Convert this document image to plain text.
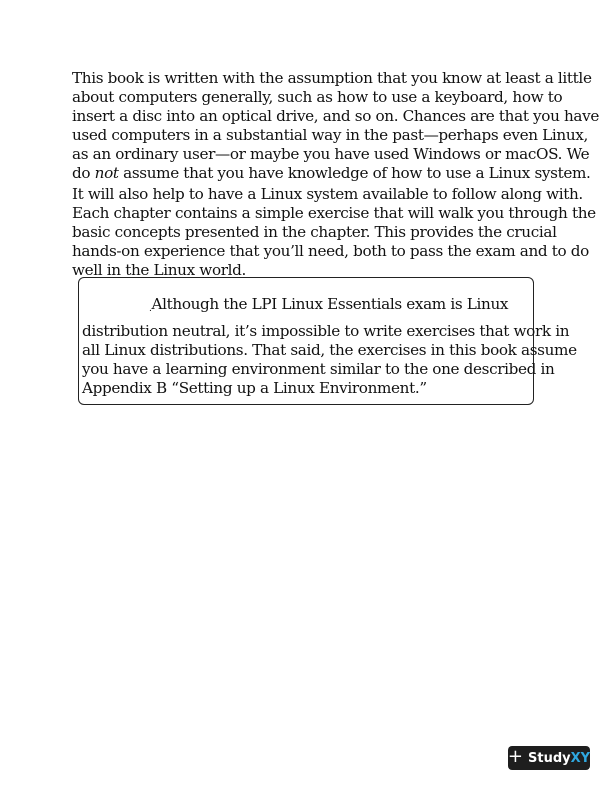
This book is written with the assumption that you know at least a little
about computers generally, such as how to use a keyboard, how to
insert a disc into an optical drive, and so on. Chances are that you have
used computers in a substantial way in the past—perhaps even Linux,
as an ordinary user—or maybe you have used Windows or macOS. We
do not assume that you have knowledge of how to use a Linux system.

It will also help to have a Linux system available to follow along with.
Each chapter contains a simple exercise that will walk you through the
basic concepts presented in the chapter. This provides the crucial
hands-on experience that you’ll need, both to pass the exam and to do
well in the Linux world.

.Although the LPI Linux Essentials exam is Linux

distribution neutral, it’s impossible to write exercises that work in
all Linux distributions. That said, the exercises in this book assume
you have a learning environment similar to the one described in
Appendix B “Setting up a Linux Environment.”

+ StudyXY
